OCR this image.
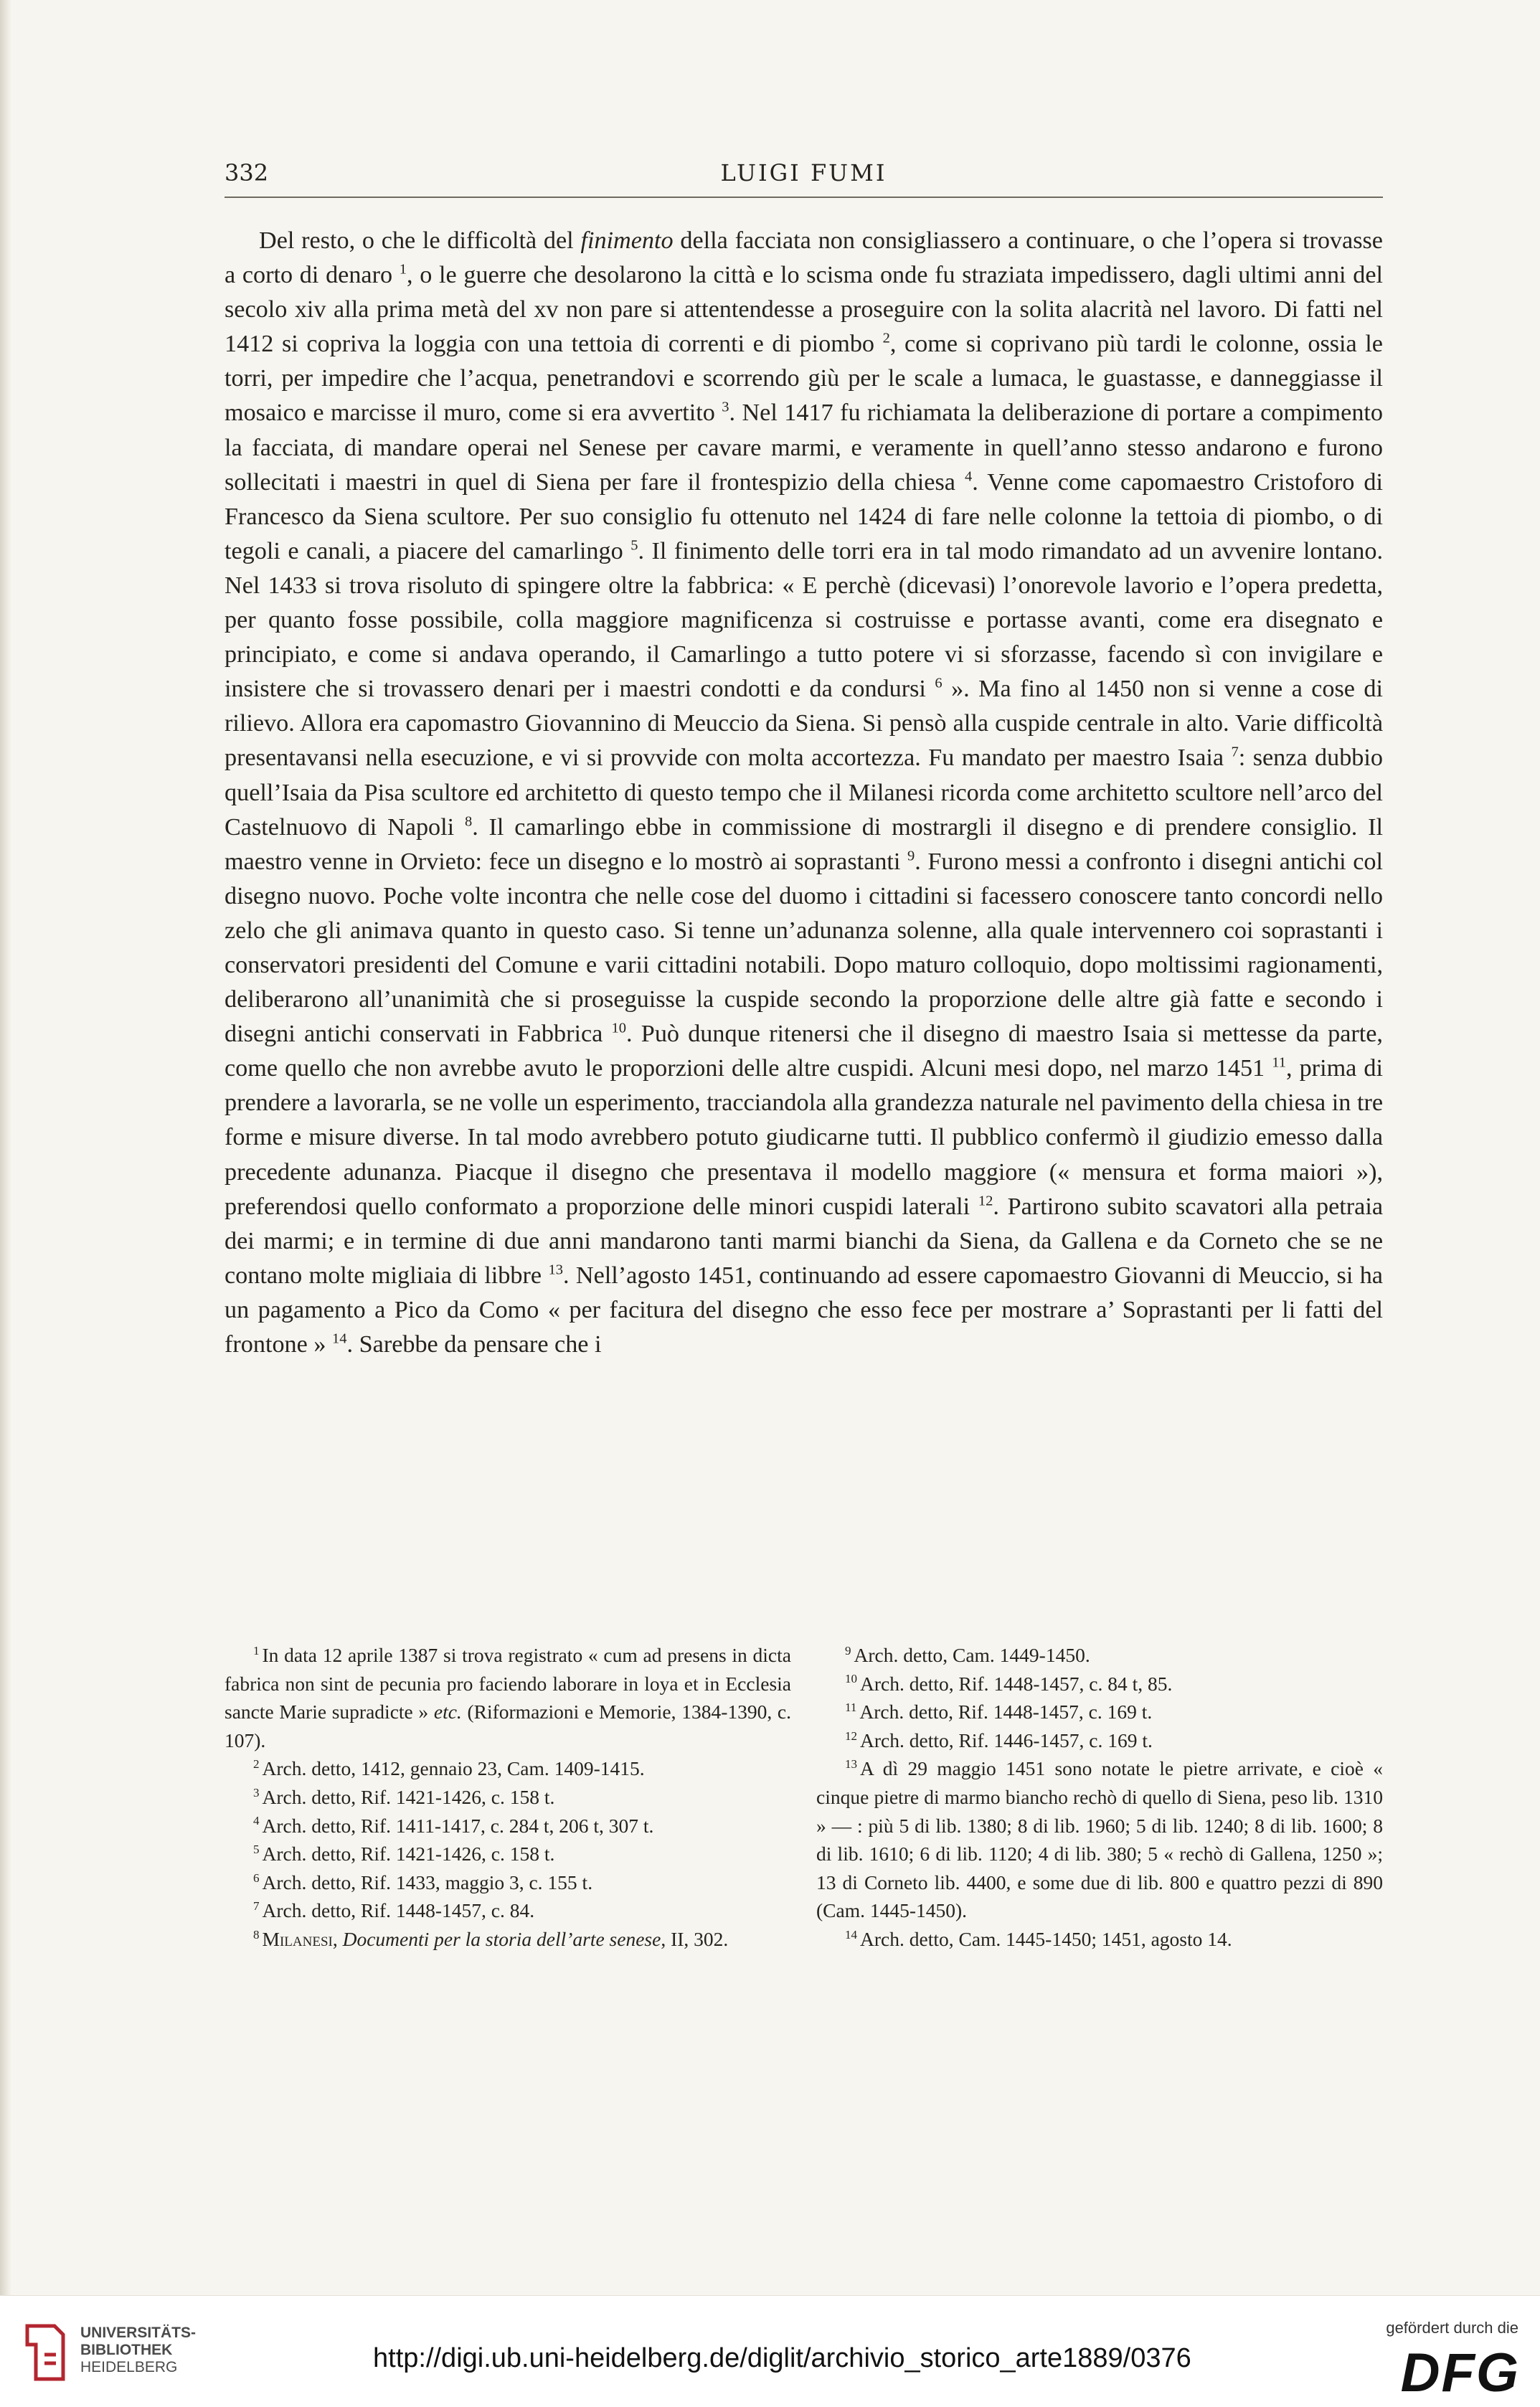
332	LUIGI FUMI

Del resto, o che le difficoltà del finimento della facciata non consigliassero a continuare, o che l’opera si trovasse a corto di denaro $^1$, o le guerre che desolarono la città e lo scisma onde fu straziata impedissero, dagli ultimi anni del secolo xiv alla prima metà del xv non pare si attentendesse a proseguire con la solita alacrità nel lavoro. Di fatti nel 1412 si copriva la loggia con una tettoia di correnti e di piombo $^2$, come si coprivano più tardi le colonne, ossia le torri, per impedire che l’acqua, penetrandovi e scorrendo giù per le scale a lumaca, le guastasse, e danneggiasse il mosaico e marcisse il muro, come si era avvertito $^3$. Nel 1417 fu richiamata la deliberazione di portare a compimento la facciata, di mandare operai nel Senese per cavare marmi, e veramente in quell’anno stesso andarono e furono sollecitati i maestri in quel di Siena per fare il frontespizio della chiesa $^4$. Venne come capomaestro Cristoforo di Francesco da Siena scultore. Per suo consiglio fu ottenuto nel 1424 di fare nelle colonne la tettoia di piombo, o di tegoli e canali, a piacere del camarlingo $^5$. Il finimento delle torri era in tal modo rimandato ad un avvenire lontano. Nel 1433 si trova risoluto di spingere oltre la fabbrica: « E perchè (dicevasi) l’onorevole lavorio e l’opera predetta, per quanto fosse possibile, colla maggiore magnificenza si costruisse e portasse avanti, come era disegnato e principiato, e come si andava operando, il Camarlingo a tutto potere vi si sforzasse, facendo sì con invigilare e insistere che si trovassero denari per i maestri condotti e da condursi $^6$ ». Ma fino al 1450 non si venne a cose di rilievo. Allora era capomastro Giovannino di Meuccio da Siena. Si pensò alla cuspide centrale in alto. Varie difficoltà presentavansi nella esecuzione, e vi si provvide con molta accortezza. Fu mandato per maestro Isaia $^7$: senza dubbio quell’Isaia da Pisa scultore ed architetto di questo tempo che il Milanesi ricorda come architetto scultore nell’arco del Castelnuovo di Napoli $^8$. Il camarlingo ebbe in commissione di mostrargli il disegno e di prendere consiglio. Il maestro venne in Orvieto: fece un disegno e lo mostrò ai soprastanti $^9$. Furono messi a confronto i disegni antichi col disegno nuovo. Poche volte incontra che nelle cose del duomo i cittadini si facessero conoscere tanto concordi nello zelo che gli animava quanto in questo caso. Si tenne un’adunanza solenne, alla quale intervennero coi soprastanti i conservatori presidenti del Comune e varii cittadini notabili. Dopo maturo colloquio, dopo moltissimi ragionamenti, deliberarono all’unanimità che si proseguisse la cuspide secondo la proporzione delle altre già fatte e secondo i disegni antichi conservati in Fabbrica $^{10}$. Può dunque ritenersi che il disegno di maestro Isaia si mettesse da parte, come quello che non avrebbe avuto le proporzioni delle altre cuspidi. Alcuni mesi dopo, nel marzo 1451 $^{11}$, prima di prendere a lavorarla, se ne volle un esperimento, tracciandola alla grandezza naturale nel pavimento della chiesa in tre forme e misure diverse. In tal modo avrebbero potuto giudicarne tutti. Il pubblico confermò il giudizio emesso dalla precedente adunanza. Piacque il disegno che presentava il modello maggiore (« mensura et forma maiori »), preferendosi quello conformato a proporzione delle minori cuspidi laterali $^{12}$. Partirono subito scavatori alla petraia dei marmi; e in termine di due anni mandarono tanti marmi bianchi da Siena, da Gallena e da Corneto che se ne contano molte migliaia di libbre $^{13}$. Nell’agosto 1451, continuando ad essere capomaestro Giovanni di Meuccio, si ha un pagamento a Pico da Como « per facitura del disegno che esso fece per mostrare a’ Soprastanti per li fatti del frontone » $^{14}$. Sarebbe da pensare che i

$^1$ In data 12 aprile 1387 si trova registrato « cum ad presens in dicta fabrica non sint de pecunia pro faciendo laborare in loya et in Ecclesia sancte Marie supradicte » etc. (Riformazioni e Memorie, 1384-1390, c. 107).

$^2$ Arch. detto, 1412, gennaio 23, Cam. 1409-1415.

$^3$ Arch. detto, Rif. 1421-1426, c. 158 t.

$^4$ Arch. detto, Rif. 1411-1417, c. 284 t, 206 t, 307 t.

$^5$ Arch. detto, Rif. 1421-1426, c. 158 t.

$^6$ Arch. detto, Rif. 1433, maggio 3, c. 155 t.

$^7$ Arch. detto, Rif. 1448-1457, c. 84.

$^8$ Milanesi, Documenti per la storia dell’arte senese, II, 302.

$^9$ Arch. detto, Cam. 1449-1450.

$^{10}$ Arch. detto, Rif. 1448-1457, c. 84 t, 85.

$^{11}$ Arch. detto, Rif. 1448-1457, c. 169 t.

$^{12}$ Arch. detto, Rif. 1446-1457, c. 169 t.

$^{13}$ A dì 29 maggio 1451 sono notate le pietre arrivate, e cioè « cinque pietre di marmo biancho rechò di quello di Siena, peso lib. 1310 » — : più 5 di lib. 1380; 8 di lib. 1960; 5 di lib. 1240; 8 di lib. 1600; 8 di lib. 1610; 6 di lib. 1120; 4 di lib. 380; 5 « rechò di Gallena, 1250 »; 13 di Corneto lib. 4400, e some due di lib. 800 e quattro pezzi di 890 (Cam. 1445-1450).

$^{14}$ Arch. detto, Cam. 1445-1450; 1451, agosto 14.

UNIVERSITÄTS-
BIBLIOTHEK
HEIDELBERG	http://digi.ub.uni-heidelberg.de/diglit/archivio_storico_arte1889/0376
gefördert durch die
DFG
